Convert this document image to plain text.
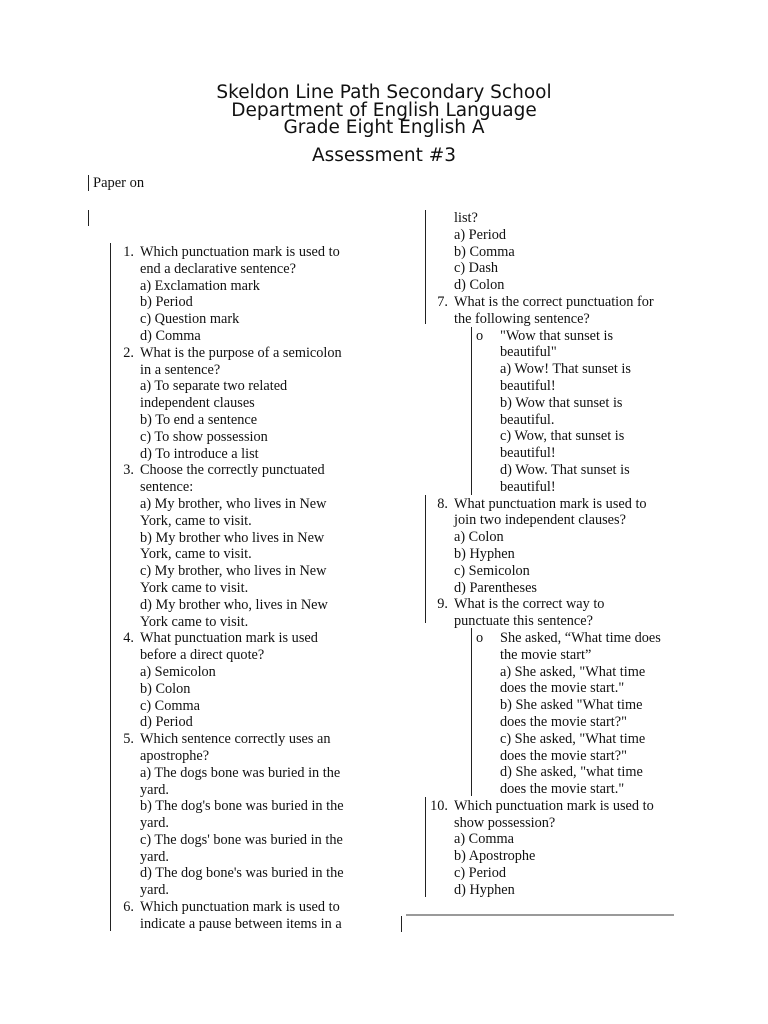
Skeldon Line Path Secondary School
Department of English Language
Grade Eight English A
Assessment #3
Paper on
1. Which punctuation mark is used to
end a declarative sentence?
a) Exclamation mark
b) Period
c) Question mark
d) Comma
2. What is the purpose of a semicolon
in a sentence?
a) To separate two related
independent clauses
b) To end a sentence
c) To show possession
d) To introduce a list
3. Choose the correctly punctuated
sentence:
a) My brother, who lives in New
York, came to visit.
b) My brother who lives in New
York, came to visit.
c) My brother, who lives in New
York came to visit.
d) My brother who, lives in New
York came to visit.
4. What punctuation mark is used
before a direct quote?
a) Semicolon
b) Colon
c) Comma
d) Period
5. Which sentence correctly uses an
apostrophe?
a) The dogs bone was buried in the
yard.
b) The dog's bone was buried in the
yard.
c) The dogs' bone was buried in the
yard.
d) The dog bone's was buried in the
yard.
6. Which punctuation mark is used to
indicate a pause between items in a
list?
a) Period
b) Comma
c) Dash
d) Colon
7. What is the correct punctuation for
the following sentence?
o	"Wow that sunset is
beautiful"
a) Wow! That sunset is
beautiful!
b) Wow that sunset is
beautiful.
c) Wow, that sunset is
beautiful!
d) Wow. That sunset is
beautiful!
8. What punctuation mark is used to
join two independent clauses?
a) Colon
b) Hyphen
c) Semicolon
d) Parentheses
9. What is the correct way to
punctuate this sentence?
o	She asked, “What time does
the movie start”
a) She asked, "What time
does the movie start."
b) She asked "What time
does the movie start?"
c) She asked, "What time
does the movie start?"
d) She asked, "what time
does the movie start."
10. Which punctuation mark is used to
show possession?
a) Comma
b) Apostrophe
c) Period
d) Hyphen
